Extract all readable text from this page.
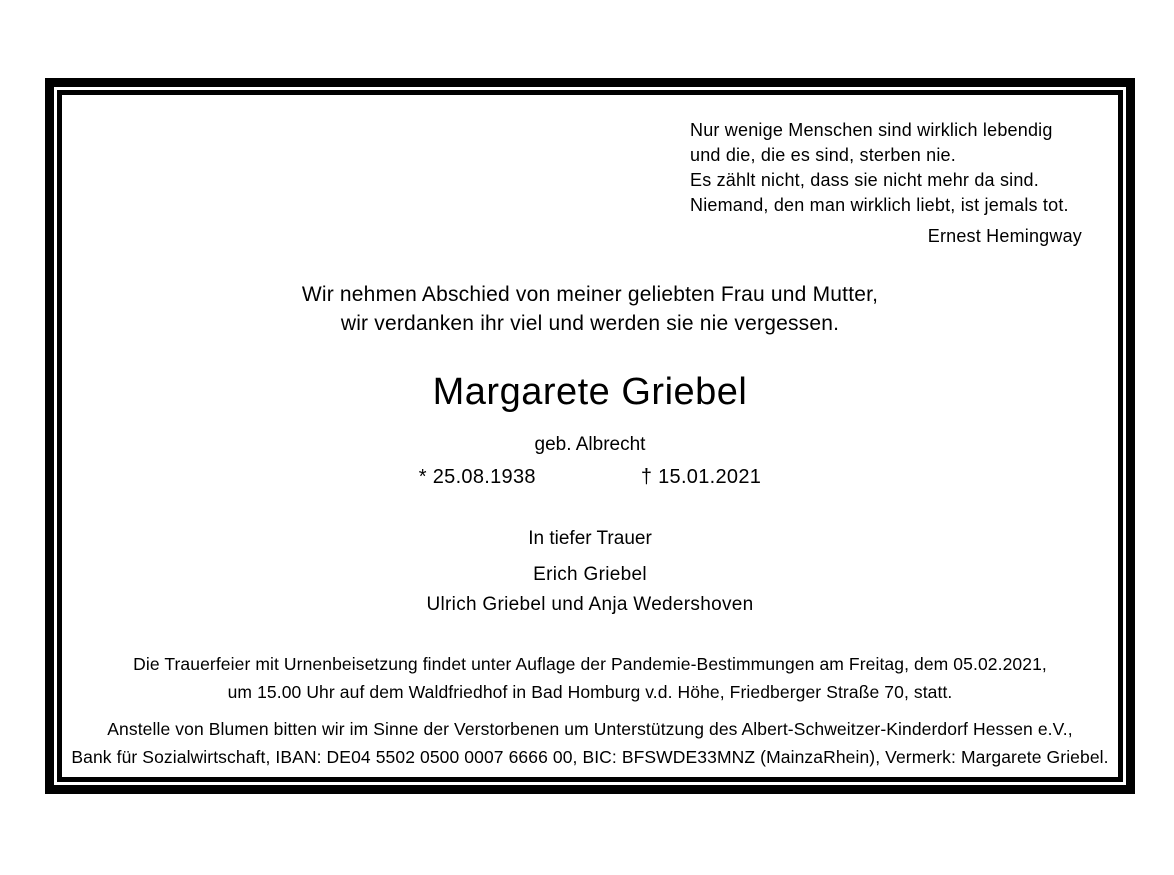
Nur wenige Menschen sind wirklich lebendig
und die, die es sind, sterben nie.
Es zählt nicht, dass sie nicht mehr da sind.
Niemand, den man wirklich liebt, ist jemals tot.
Ernest Hemingway
Wir nehmen Abschied von meiner geliebten Frau und Mutter,
wir verdanken ihr viel und werden sie nie vergessen.
Margarete Griebel
geb. Albrecht
* 25.08.1938	† 15.01.2021
In tiefer Trauer
Erich Griebel
Ulrich Griebel und Anja Wedershoven
Die Trauerfeier mit Urnenbeisetzung findet unter Auflage der Pandemie-Bestimmungen am Freitag, dem 05.02.2021,
um 15.00 Uhr auf dem Waldfriedhof in Bad Homburg v.d. Höhe, Friedberger Straße 70, statt.
Anstelle von Blumen bitten wir im Sinne der Verstorbenen um Unterstützung des Albert-Schweitzer-Kinderdorf Hessen e.V.,
Bank für Sozialwirtschaft, IBAN: DE04 5502 0500 0007 6666 00, BIC: BFSWDE33MNZ (MainzaRhein), Vermerk: Margarete Griebel.
